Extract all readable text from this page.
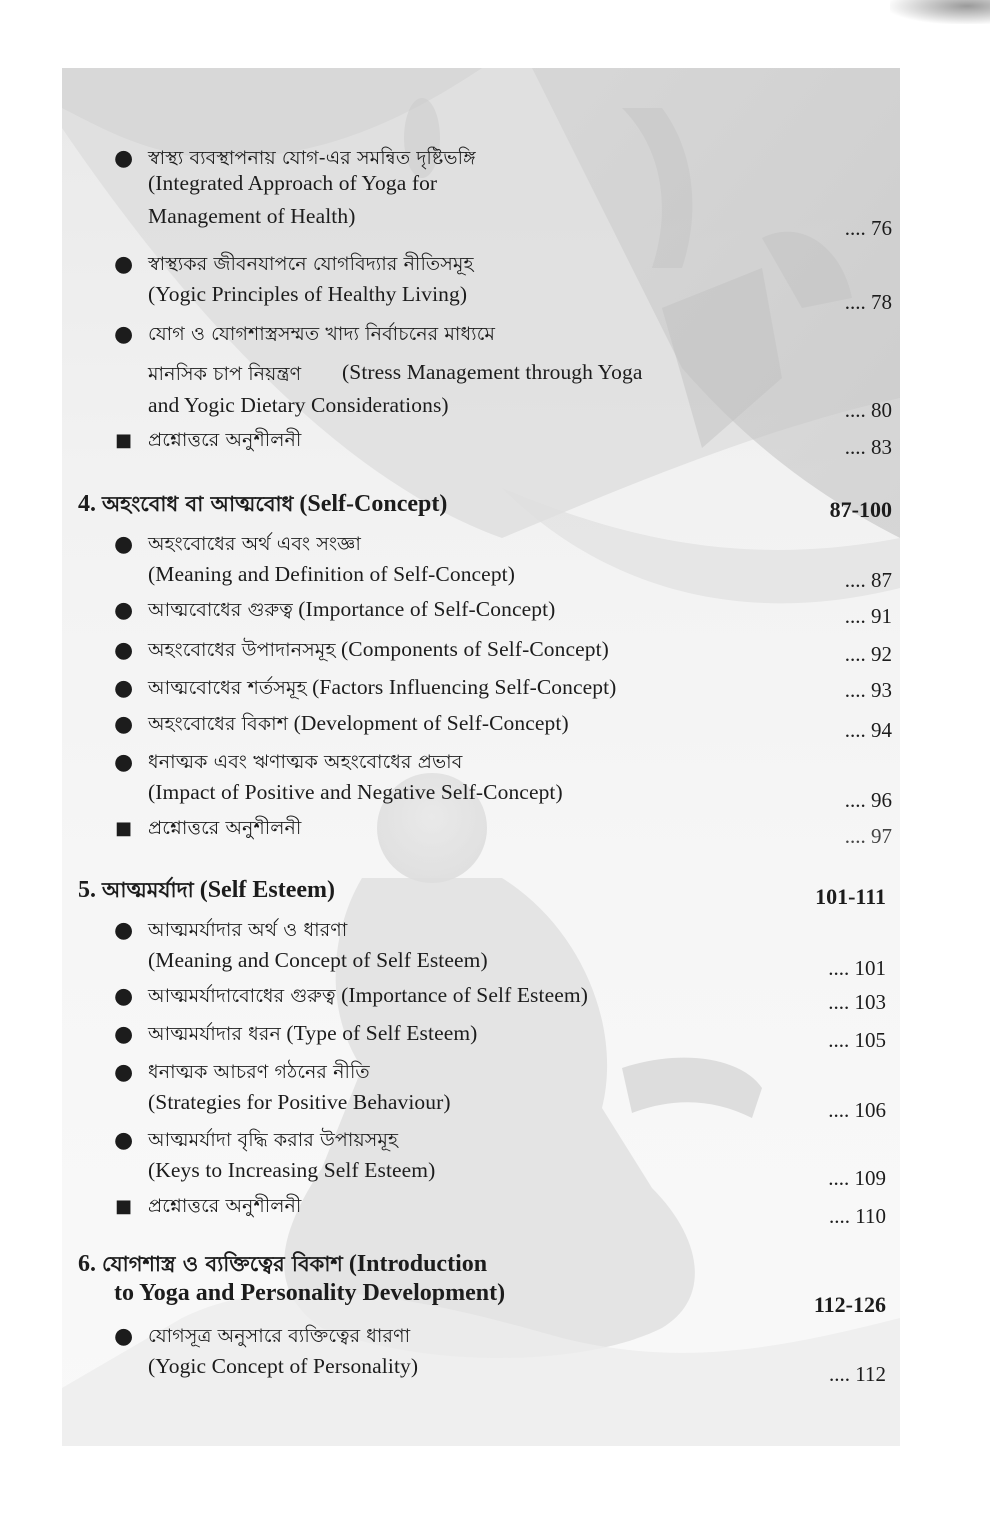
● স্বাস্থ্য ব্যবস্থাপনায় যোগ-এর সমন্বিত দৃষ্টিভঙ্গি
(Integrated Approach of Yoga for
Management of Health)	.... 76
● স্বাস্থ্যকর জীবনযাপনে যোগবিদ্যার নীতিসমূহ
(Yogic Principles of Healthy Living)	.... 78
● যোগ ও যোগশাস্ত্রসম্মত খাদ্য নির্বাচনের মাধ্যমে
মানসিক চাপ নিয়ন্ত্রণ (Stress Management through Yoga
and Yogic Dietary Considerations)	.... 80
■ প্রশ্নোত্তরে অনুশীলনী	.... 83
4. অহংবোধ বা আত্মবোধ (Self-Concept)	87-100
● অহংবোধের অর্থ এবং সংজ্ঞা
(Meaning and Definition of Self-Concept)	.... 87
● আত্মবোধের গুরুত্ব (Importance of Self-Concept)	.... 91
● অহংবোধের উপাদানসমূহ (Components of Self-Concept)	.... 92
● আত্মবোধের শর্তসমূহ (Factors Influencing Self-Concept)	.... 93
● অহংবোধের বিকাশ (Development of Self-Concept)	.... 94
● ধনাত্মক এবং ঋণাত্মক অহংবোধের প্রভাব
(Impact of Positive and Negative Self-Concept)	.... 96
■ প্রশ্নোত্তরে অনুশীলনী	.... 97
5. আত্মমর্যাদা (Self Esteem)	101-111
● আত্মমর্যাদার অর্থ ও ধারণা
(Meaning and Concept of Self Esteem)	.... 101
● আত্মমর্যাদাবোধের গুরুত্ব (Importance of Self Esteem)	.... 103
● আত্মমর্যাদার ধরন (Type of Self Esteem)	.... 105
● ধনাত্মক আচরণ গঠনের নীতি
(Strategies for Positive Behaviour)	.... 106
● আত্মমর্যাদা বৃদ্ধি করার উপায়সমূহ
(Keys to Increasing Self Esteem)	.... 109
■ প্রশ্নোত্তরে অনুশীলনী	.... 110
6. যোগশাস্ত্র ও ব্যক্তিত্বের বিকাশ (Introduction
to Yoga and Personality Development)	112-126
● যোগসূত্র অনুসারে ব্যক্তিত্বের ধারণা
(Yogic Concept of Personality)	.... 112
